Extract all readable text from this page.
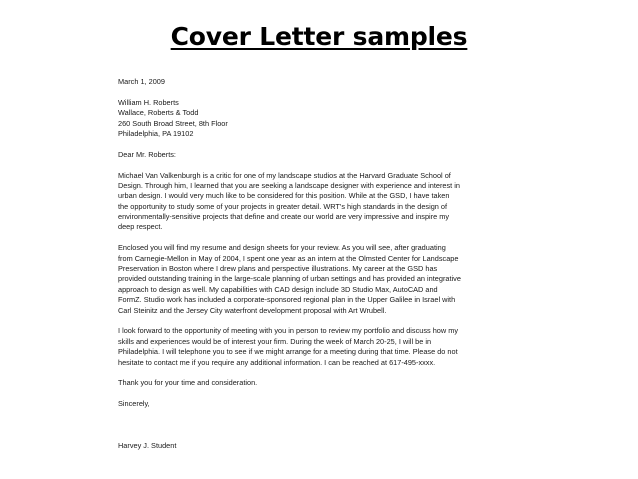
Cover Letter samples
March 1, 2009
William H. Roberts
Wallace, Roberts & Todd
260 South Broad Street, 8th Floor
Philadelphia, PA 19102
Dear Mr. Roberts:
Michael Van Valkenburgh is a critic for one of my landscape studios at the Harvard Graduate School of
Design. Through him, I learned that you are seeking a landscape designer with experience and interest in
urban design. I would very much like to be considered for this position. While at the GSD, I have taken
the opportunity to study some of your projects in greater detail. WRT's high standards in the design of
environmentally-sensitive projects that define and create our world are very impressive and inspire my
deep respect.
Enclosed you will find my resume and design sheets for your review. As you will see, after graduating
from Carnegie-Mellon in May of 2004, I spent one year as an intern at the Olmsted Center for Landscape
Preservation in Boston where I drew plans and perspective illustrations. My career at the GSD has
provided outstanding training in the large-scale planning of urban settings and has provided an integrative
approach to design as well. My capabilities with CAD design include 3D Studio Max, AutoCAD and
FormZ. Studio work has included a corporate-sponsored regional plan in the Upper Galilee in Israel with
Carl Steinitz and the Jersey City waterfront development proposal with Art Wrubell.
I look forward to the opportunity of meeting with you in person to review my portfolio and discuss how my
skills and experiences would be of interest your firm. During the week of March 20-25, I will be in
Philadelphia. I will telephone you to see if we might arrange for a meeting during that time. Please do not
hesitate to contact me if you require any additional information. I can be reached at 617-495-xxxx.
Thank you for your time and consideration.
Sincerely,
Harvey J. Student
